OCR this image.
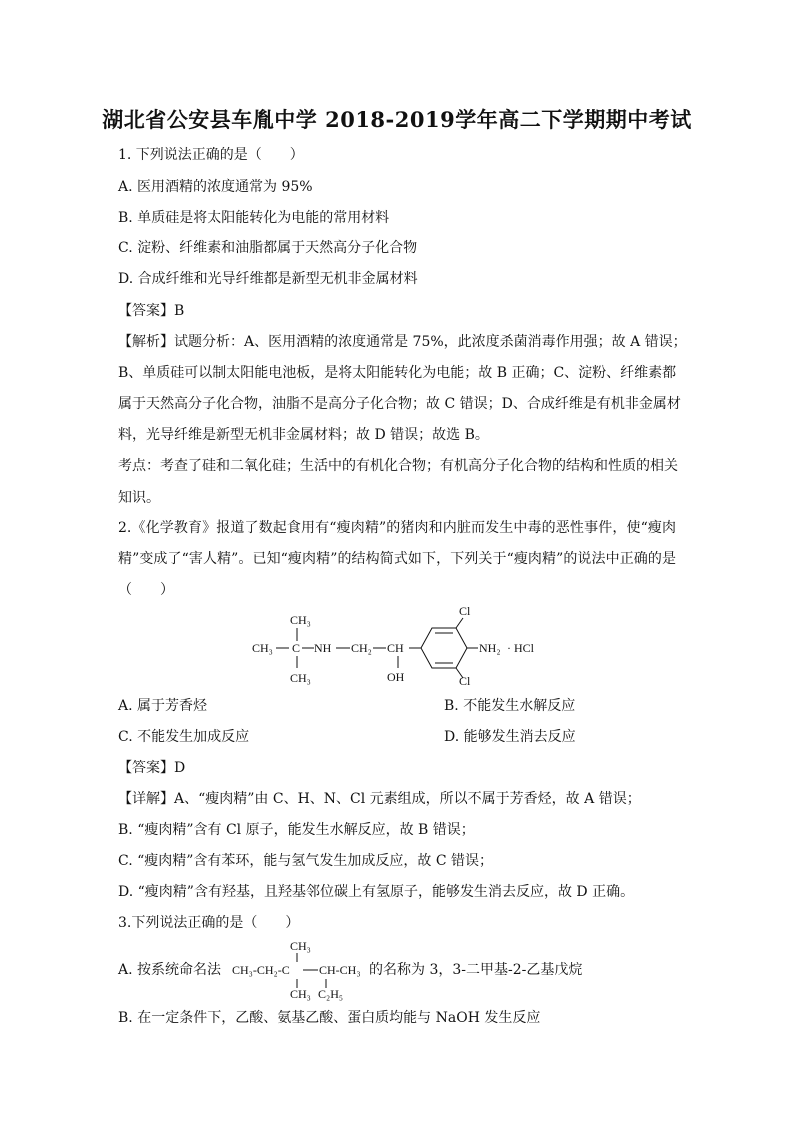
湖北省公安县车胤中学 2018-2019学年高二下学期期中考试
1. 下列说法正确的是（　　）
A. 医用酒精的浓度通常为 95%
B. 单质硅是将太阳能转化为电能的常用材料
C. 淀粉、纤维素和油脂都属于天然高分子化合物
D. 合成纤维和光导纤维都是新型无机非金属材料
【答案】B
【解析】试题分析：A、医用酒精的浓度通常是 75%，此浓度杀菌消毒作用强；故 A 错误；
B、单质硅可以制太阳能电池板，是将太阳能转化为电能；故 B 正确；C、淀粉、纤维素都
属于天然高分子化合物，油脂不是高分子化合物；故 C 错误；D、合成纤维是有机非金属材
料，光导纤维是新型无机非金属材料；故 D 错误；故选 B。
考点：考查了硅和二氧化硅；生活中的有机化合物；有机高分子化合物的结构和性质的相关
知识。
2.《化学教育》报道了数起食用有“瘦肉精”的猪肉和内脏而发生中毒的恶性事件，使“瘦肉
精”变成了“害人精”。已知“瘦肉精”的结构简式如下，下列关于“瘦肉精”的说法中正确的是
（　　）
CH₃
CH₃ C NH
CH₃
CH₂ CH
OH
Cl
Cl
NH₂ · HCl
A. 属于芳香烃	B. 不能发生水解反应
C. 不能发生加成反应	D. 能够发生消去反应
【答案】D
【详解】A、“瘦肉精”由 C、H、N、Cl 元素组成，所以不属于芳香烃，故 A 错误；
B. “瘦肉精”含有 Cl 原子，能发生水解反应，故 B 错误；
C. “瘦肉精”含有苯环，能与氢气发生加成反应，故 C 错误；
D. “瘦肉精”含有羟基，且羟基邻位碳上有氢原子，能够发生消去反应，故 D 正确。
3.下列说法正确的是（　　）
A. 按系统命名法
CH₃
CH₃-CH₂-C CH-CH₃
CH₃ C₂H₅
的名称为 3，3-二甲基-2-乙基戊烷
B. 在一定条件下，乙酸、氨基乙酸、蛋白质均能与 NaOH 发生反应
